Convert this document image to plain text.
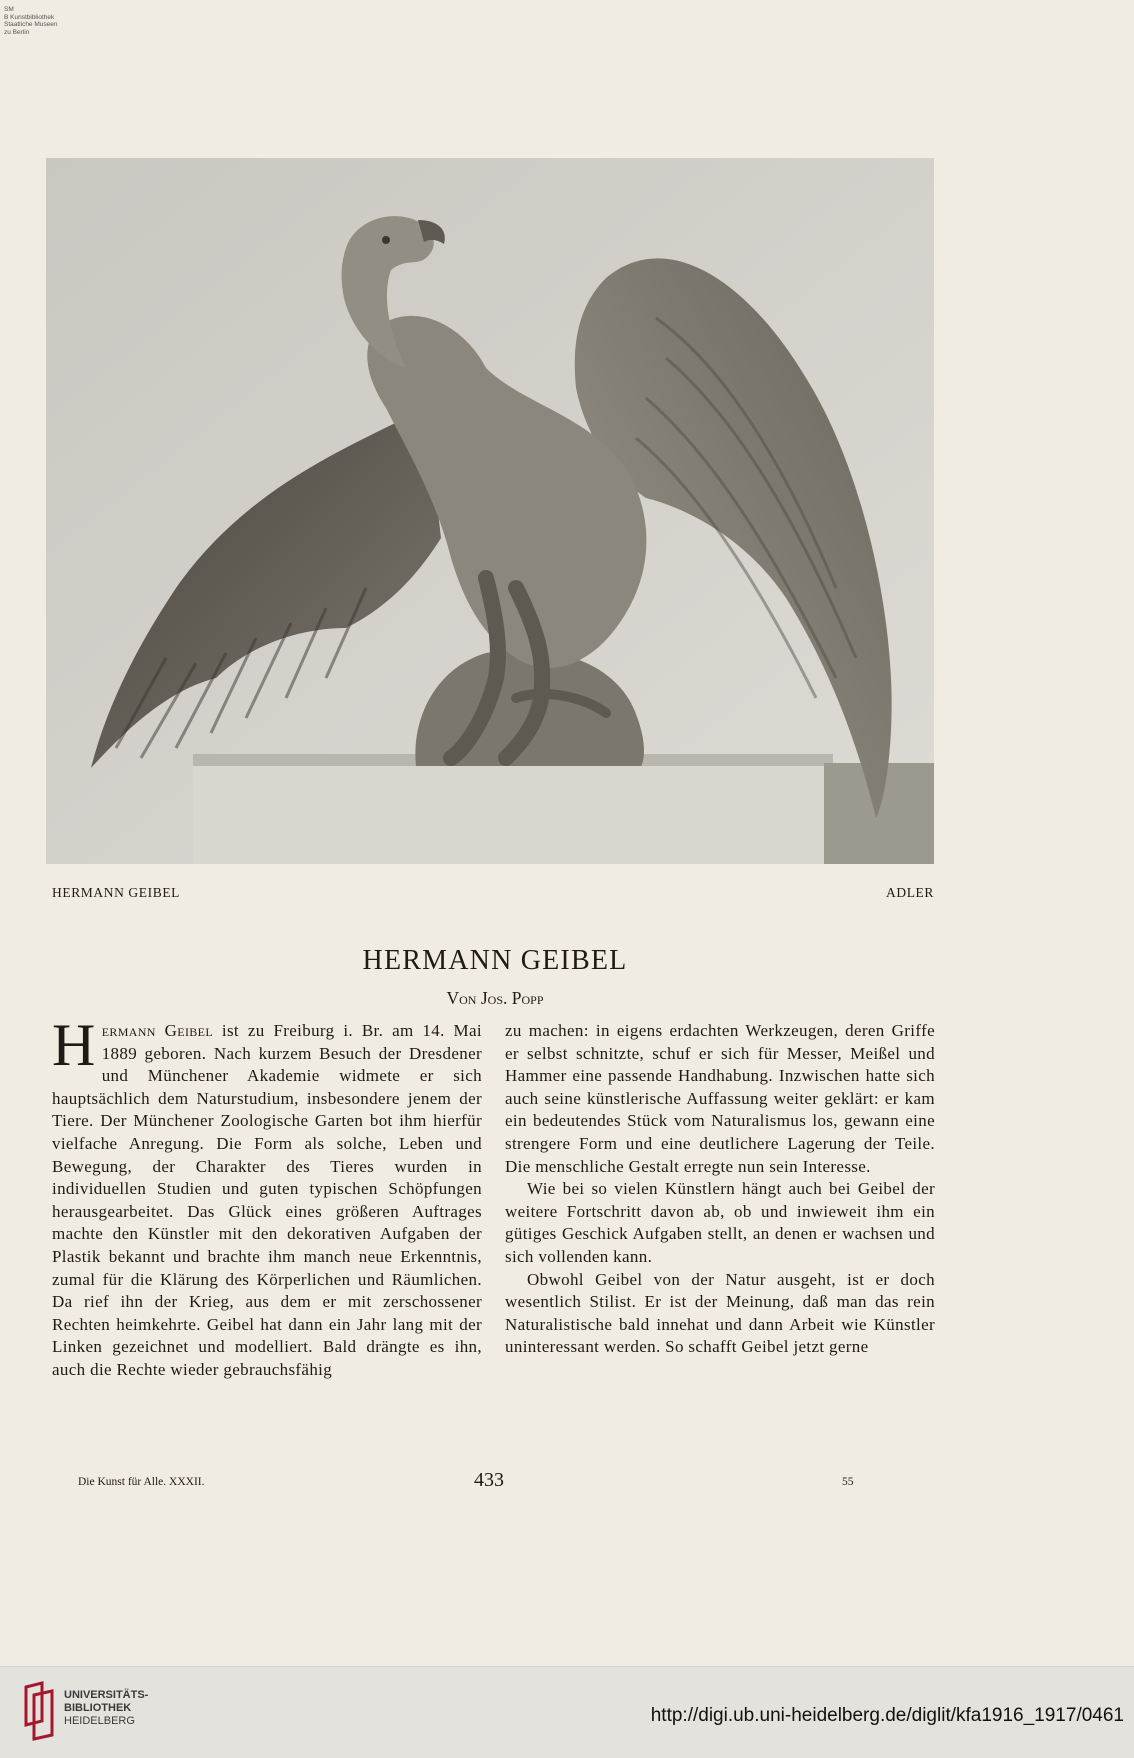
SM
B Kunstbibliothek
Staatliche Museen
zu Berlin
HERMANN GEIBEL	ADLER
HERMANN GEIBEL
Von Jos. Popp

Hermann Geibel ist zu Freiburg i. Br. am 14. Mai 1889 geboren. Nach kurzem Besuch der Dresdener und Münchener Akademie widmete er sich hauptsächlich dem Naturstudium, insbesondere jenem der Tiere. Der Münchener Zoologische Garten bot ihm hierfür vielfache Anregung. Die Form als solche, Leben und Bewegung, der Charakter des Tieres wurden in individuellen Studien und guten typischen Schöpfungen herausgearbeitet. Das Glück eines größeren Auftrages machte den Künstler mit den dekorativen Aufgaben der Plastik bekannt und brachte ihm manch neue Erkenntnis, zumal für die Klärung des Körperlichen und Räumlichen. Da rief ihn der Krieg, aus dem er mit zerschossener Rechten heimkehrte. Geibel hat dann ein Jahr lang mit der Linken gezeichnet und modelliert. Bald drängte es ihn, auch die Rechte wieder gebrauchsfähig

zu machen: in eigens erdachten Werkzeugen, deren Griffe er selbst schnitzte, schuf er sich für Messer, Meißel und Hammer eine passende Handhabung. Inzwischen hatte sich auch seine künstlerische Auffassung weiter geklärt: er kam ein bedeutendes Stück vom Naturalismus los, gewann eine strengere Form und eine deutlichere Lagerung der Teile. Die menschliche Gestalt erregte nun sein Interesse.

Wie bei so vielen Künstlern hängt auch bei Geibel der weitere Fortschritt davon ab, ob und inwieweit ihm ein gütiges Geschick Aufgaben stellt, an denen er wachsen und sich vollenden kann.

Obwohl Geibel von der Natur ausgeht, ist er doch wesentlich Stilist. Er ist der Meinung, daß man das rein Naturalistische bald innehat und dann Arbeit wie Künstler uninteressant werden. So schafft Geibel jetzt gerne

Die Kunst für Alle. XXXII.	433	55
UNIVERSITÄTS-
BIBLIOTHEK
HEIDELBERG	http://digi.ub.uni-heidelberg.de/diglit/kfa1916_1917/0461
